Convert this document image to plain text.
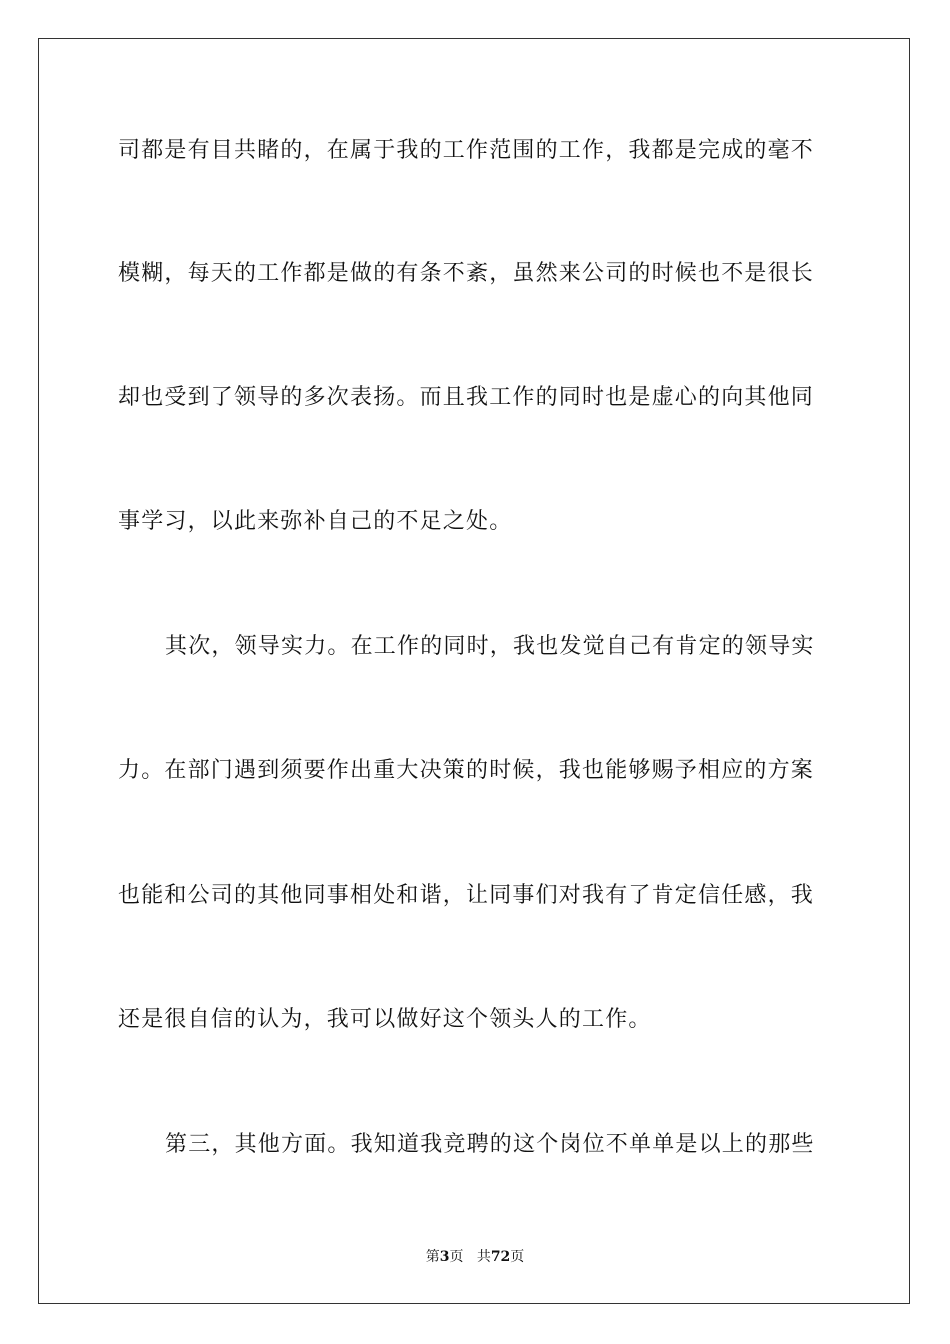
司都是有目共睹的，在属于我的工作范围的工作，我都是完成的毫不
模糊，每天的工作都是做的有条不紊，虽然来公司的时候也不是很长
却也受到了领导的多次表扬。而且我工作的同时也是虚心的向其他同
事学习，以此来弥补自己的不足之处。
其次，领导实力。在工作的同时，我也发觉自己有肯定的领导实
力。在部门遇到须要作出重大决策的时候，我也能够赐予相应的方案
也能和公司的其他同事相处和谐，让同事们对我有了肯定信任感，我
还是很自信的认为，我可以做好这个领头人的工作。
第三，其他方面。我知道我竞聘的这个岗位不单单是以上的那些
第3页 共72页
